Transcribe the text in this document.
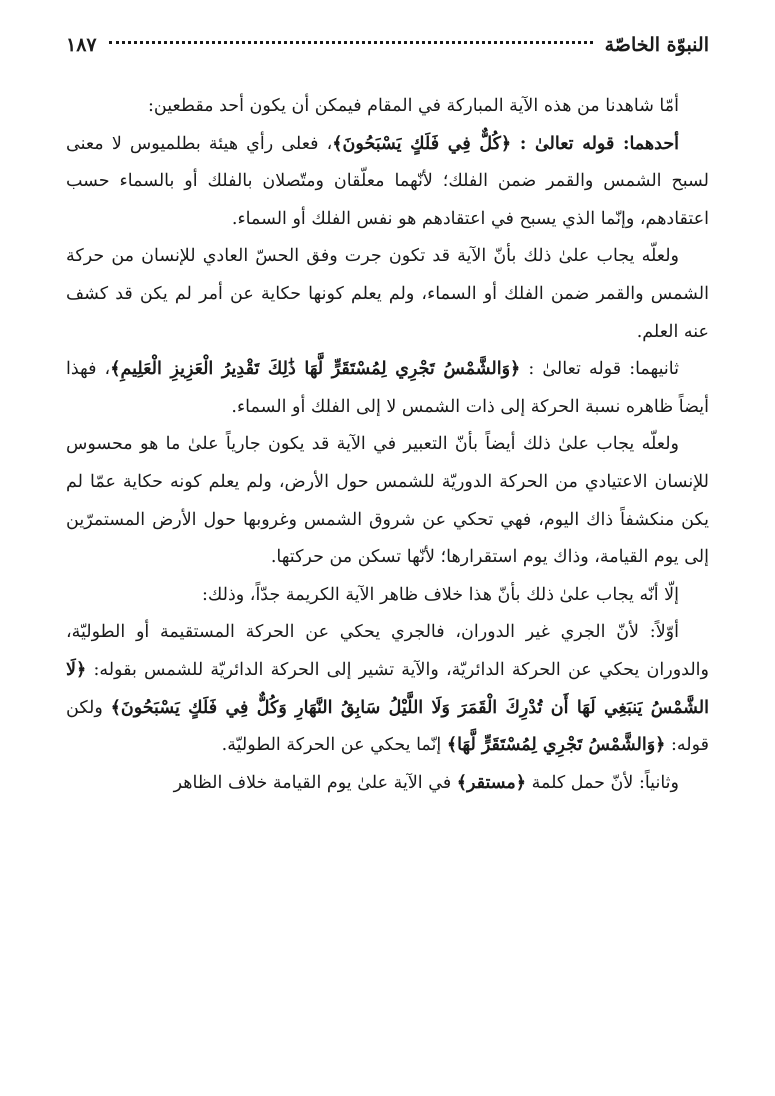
النبوّة الخاصّة
١٨٧

أمّا شاهدنا من هذه الآية المباركة في المقام فيمكن أن يكون أحد مقطعين:

أحدهما: قوله تعالىٰ : ﴿كُلٌّ فِي فَلَكٍ يَسْبَحُونَ﴾، فعلى رأي هيئة بطلميوس لا معنى لسبح الشمس والقمر ضمن الفلك؛ لأنّهما معلّقان ومتّصلان بالفلك أو بالسماء حسب اعتقادهم، وإنّما الذي يسبح في اعتقادهم هو نفس الفلك أو السماء.

ولعلّه يجاب علىٰ ذلك بأنّ الآية قد تكون جرت وفق الحسّ العادي للإنسان من حركة الشمس والقمر ضمن الفلك أو السماء، ولم يعلم كونها حكاية عن أمر لم يكن قد كشف عنه العلم.

ثانيهما: قوله تعالىٰ : ﴿وَالشَّمْسُ تَجْرِي لِمُسْتَقَرٍّ لَّهَا ذَٰلِكَ تَقْدِيرُ الْعَزِيزِ الْعَلِيمِ﴾، فهذا أيضاً ظاهره نسبة الحركة إلى ذات الشمس لا إلى الفلك أو السماء.

ولعلّه يجاب علىٰ ذلك أيضاً بأنّ التعبير في الآية قد يكون جارياً علىٰ ما هو محسوس للإنسان الاعتيادي من الحركة الدوريّة للشمس حول الأرض، ولم يعلم كونه حكاية عمّا لم يكن منكشفاً ذاك اليوم، فهي تحكي عن شروق الشمس وغروبها حول الأرض المستمرّين إلى يوم القيامة، وذاك يوم استقرارها؛ لأنّها تسكن من حركتها.

إلّا أنّه يجاب علىٰ ذلك بأنّ هذا خلاف ظاهر الآية الكريمة جدّاً، وذلك:

أوّلاً: لأنّ الجري غير الدوران، فالجري يحكي عن الحركة المستقيمة أو الطوليّة، والدوران يحكي عن الحركة الدائريّة، والآية تشير إلى الحركة الدائريّة للشمس بقوله: ﴿لَا الشَّمْسُ يَنبَغِي لَهَا أَن تُدْرِكَ الْقَمَرَ وَلَا اللَّيْلُ سَابِقُ النَّهَارِ وَكُلٌّ فِي فَلَكٍ يَسْبَحُونَ﴾ ولكن قوله: ﴿وَالشَّمْسُ تَجْرِي لِمُسْتَقَرٍّ لَّهَا﴾ إنّما يحكي عن الحركة الطوليّة.

وثانياً: لأنّ حمل كلمة ﴿مستقر﴾ في الآية علىٰ يوم القيامة خلاف الظاهر
